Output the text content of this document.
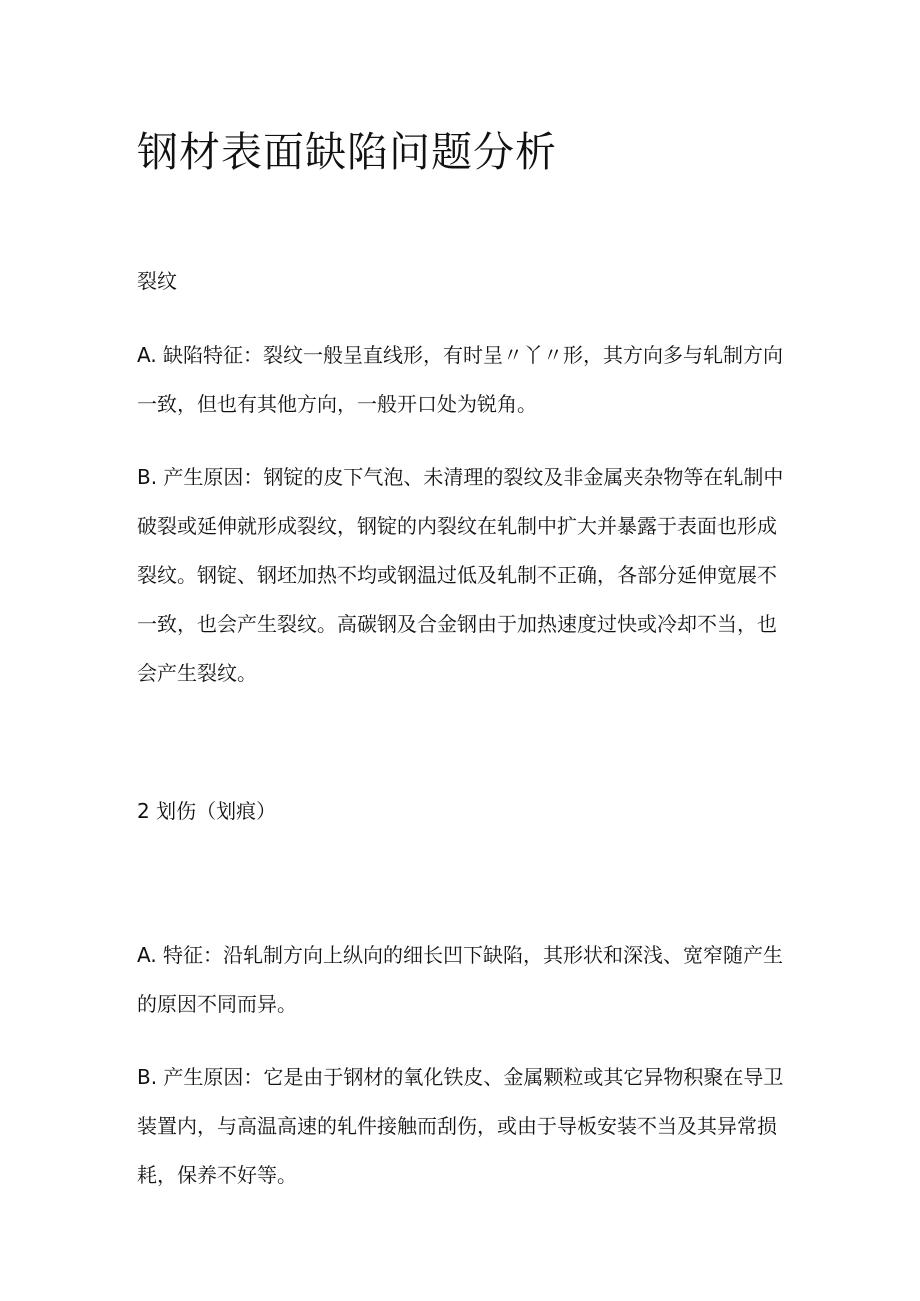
钢材表面缺陷问题分析
裂纹

A. 缺陷特征：裂纹一般呈直线形，有时呈〃丫〃形，其方向多与轧制方向
一致，但也有其他方向，一般开口处为锐角。

B. 产生原因：钢锭的皮下气泡、未清理的裂纹及非金属夹杂物等在轧制中
破裂或延伸就形成裂纹，钢锭的内裂纹在轧制中扩大并暴露于表面也形成
裂纹。钢锭、钢坯加热不均或钢温过低及轧制不正确，各部分延伸宽展不
一致，也会产生裂纹。高碳钢及合金钢由于加热速度过快或冷却不当，也
会产生裂纹。

2 划伤（划痕）

A. 特征：沿轧制方向上纵向的细长凹下缺陷，其形状和深浅、宽窄随产生
的原因不同而异。

B. 产生原因：它是由于钢材的氧化铁皮、金属颗粒或其它异物积聚在导卫
装置内，与高温高速的轧件接触而刮伤，或由于导板安装不当及其异常损
耗，保养不好等。
